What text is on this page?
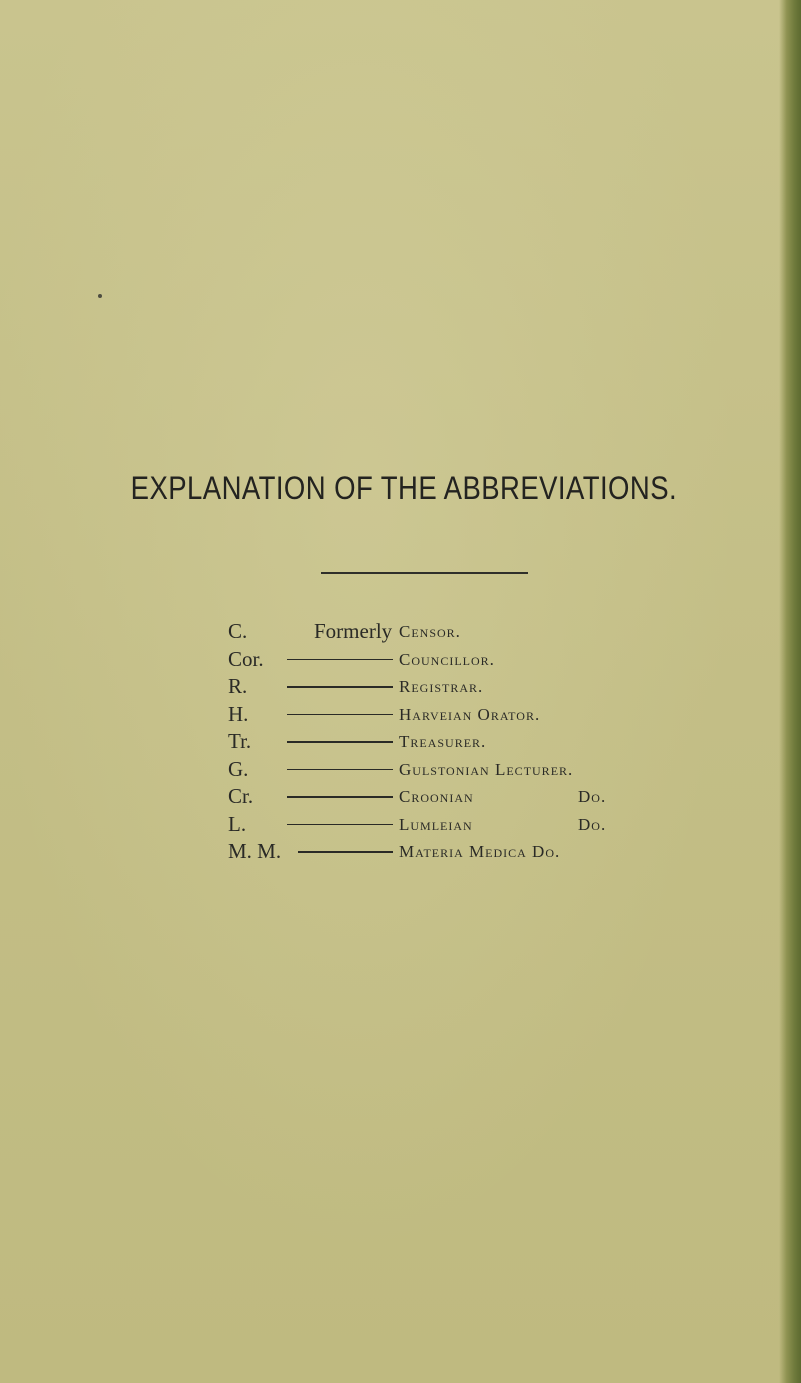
EXPLANATION OF THE ABBREVIATIONS.
C.	Formerly Censor.
Cor.	Councillor.
R.	Registrar.
H.	Harveian Orator.
Tr.	Treasurer.
G.	Gulstonian Lecturer.
Cr.	Croonian	Do.
L.	Lumleian	Do.
M. M.	Materia Medica Do.
